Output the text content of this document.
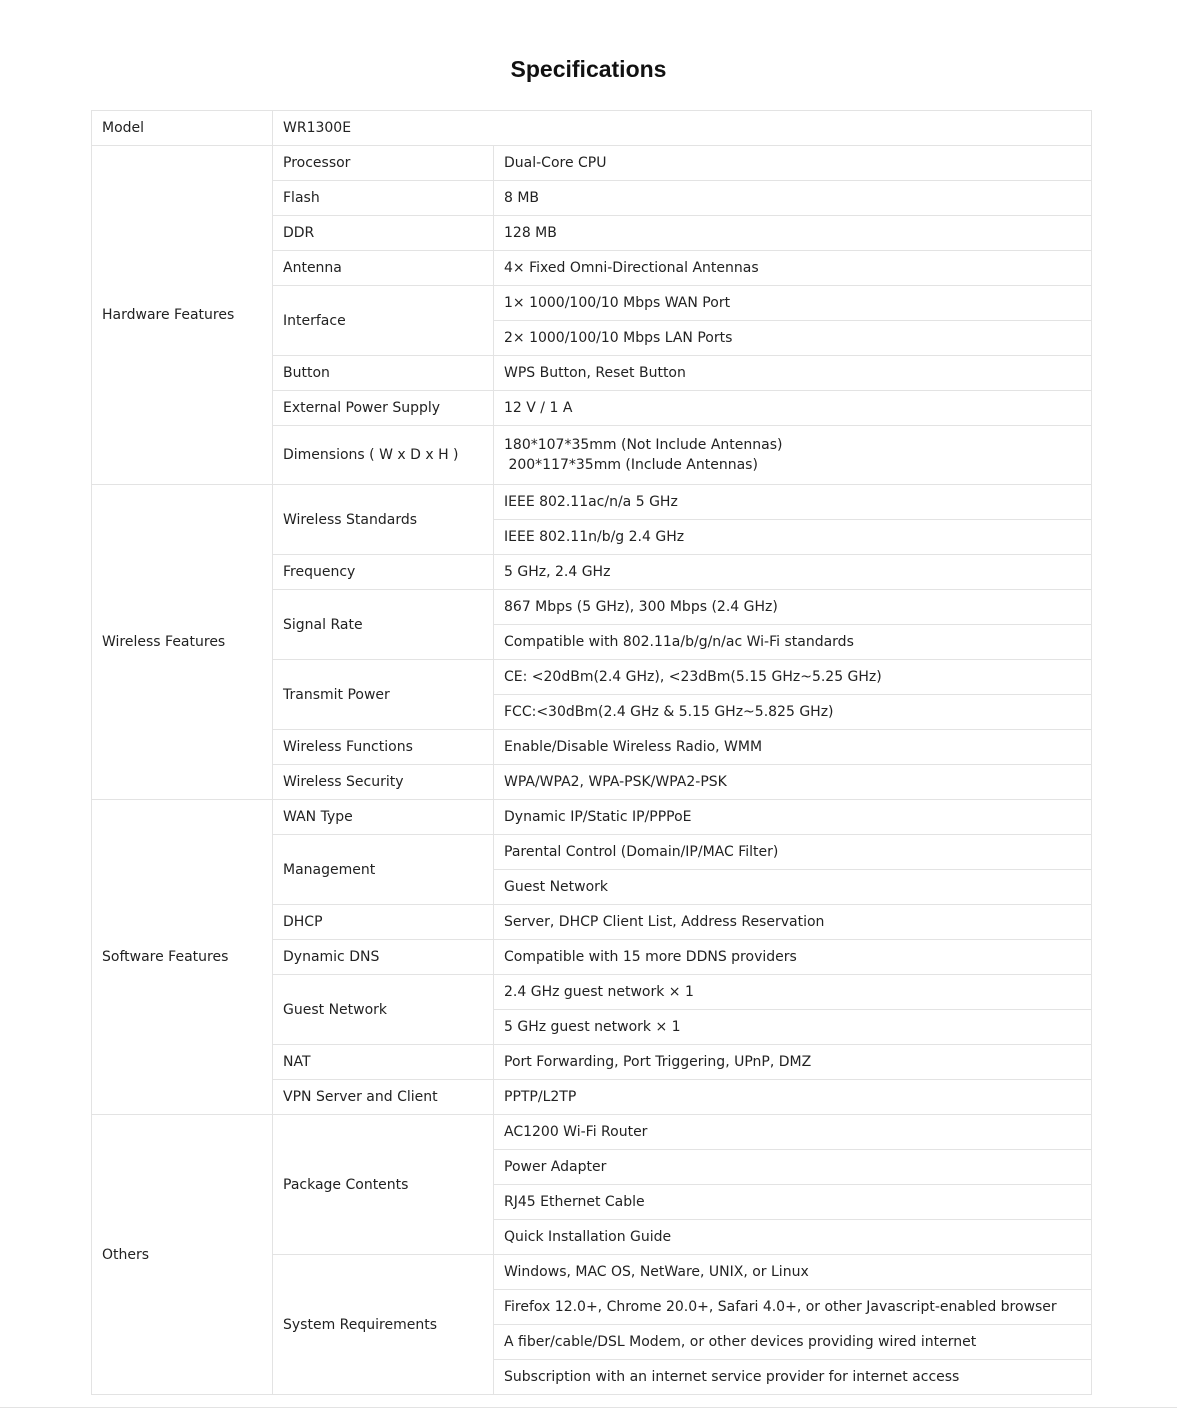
Specifications
Model	WR1300E	
Hardware Features	Processor	Dual-Core CPU
	Flash	8 MB
	DDR	128 MB
	Antenna	4× Fixed Omni-Directional Antennas
	Interface	1× 1000/100/10 Mbps WAN Port
		2× 1000/100/10 Mbps LAN Ports
	Button	WPS Button, Reset Button
	External Power Supply	12 V / 1 A
	Dimensions ( W x D x H )	180*107*35mm (Not Include Antennas)
200*117*35mm (Include Antennas)

Wireless Features	Wireless Standards	IEEE 802.11ac/n/a 5 GHz
		IEEE 802.11n/b/g 2.4 GHz
	Frequency	5 GHz, 2.4 GHz
	Signal Rate	867 Mbps (5 GHz), 300 Mbps (2.4 GHz)
		Compatible with 802.11a/b/g/n/ac Wi-Fi standards
	Transmit Power	CE: <20dBm(2.4 GHz), <23dBm(5.15 GHz~5.25 GHz)
		FCC:<30dBm(2.4 GHz & 5.15 GHz~5.825 GHz)
	Wireless Functions	Enable/Disable Wireless Radio, WMM
	Wireless Security	WPA/WPA2, WPA-PSK/WPA2-PSK
Software Features	WAN Type	Dynamic IP/Static IP/PPPoE
	Management	Parental Control (Domain/IP/MAC Filter)
		Guest Network
	DHCP	Server, DHCP Client List, Address Reservation
	Dynamic DNS	Compatible with 15 more DDNS providers
	Guest Network	2.4 GHz guest network × 1
		5 GHz guest network × 1
	NAT	Port Forwarding, Port Triggering, UPnP, DMZ
	VPN Server and Client	PPTP/L2TP
Others	Package Contents	AC1200 Wi-Fi Router
		Power Adapter
		RJ45 Ethernet Cable
		Quick Installation Guide
	System Requirements	Windows, MAC OS, NetWare, UNIX, or Linux
		Firefox 12.0+, Chrome 20.0+, Safari 4.0+, or other Javascript-enabled browser
		A fiber/cable/DSL Modem, or other devices providing wired internet
		Subscription with an internet service provider for internet access
